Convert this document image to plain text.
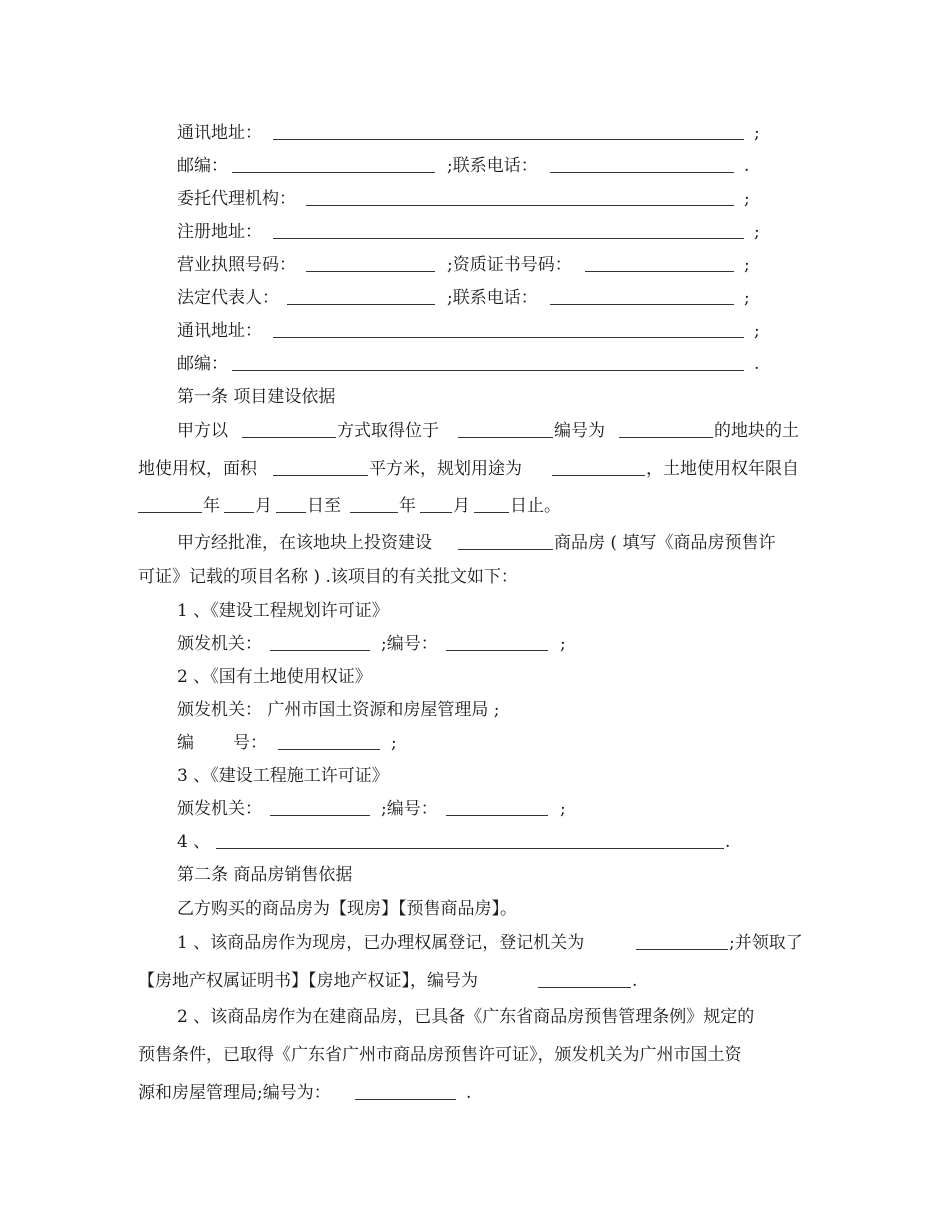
通讯地址：	;
邮编：	;联系电话：	.
委托代理机构：	;
注册地址：	;
营业执照号码：	;资质证书号码：	;
法定代表人：	;联系电话：	;
通讯地址：	;
邮编：	.
第一条 项目建设依据
甲方以	方式取得位于	编号为	的地块的土
地使用权，面积	平方米，规划用途为	，土地使用权年限自
年 月 日至	年 月 日止。
甲方经批准，在该地块上投资建设	商品房 ( 填写《商品房预售许
可证》记载的项目名称 ) .该项目的有关批文如下：
1 、《建设工程规划许可证》
颁发机关：	;编号：	;
2 、《国有土地使用权证》
颁发机关： 广州市国土资源和房屋管理局 ;
编 号：	;
3 、《建设工程施工许可证》
颁发机关：	;编号：	;
4 、	.
第二条 商品房销售依据
乙方购买的商品房为【现房】【预售商品房】。
1 、该商品房作为现房，已办理权属登记，登记机关为	;并领取了
【房地产权属证明书】【房地产权证】，编号为	.
2 、该商品房作为在建商品房，已具备《广东省商品房预售管理条例》规定的
预售条件，已取得《广东省广州市商品房预售许可证》，颁发机关为广州市国土资
源和房屋管理局;编号为：	.
